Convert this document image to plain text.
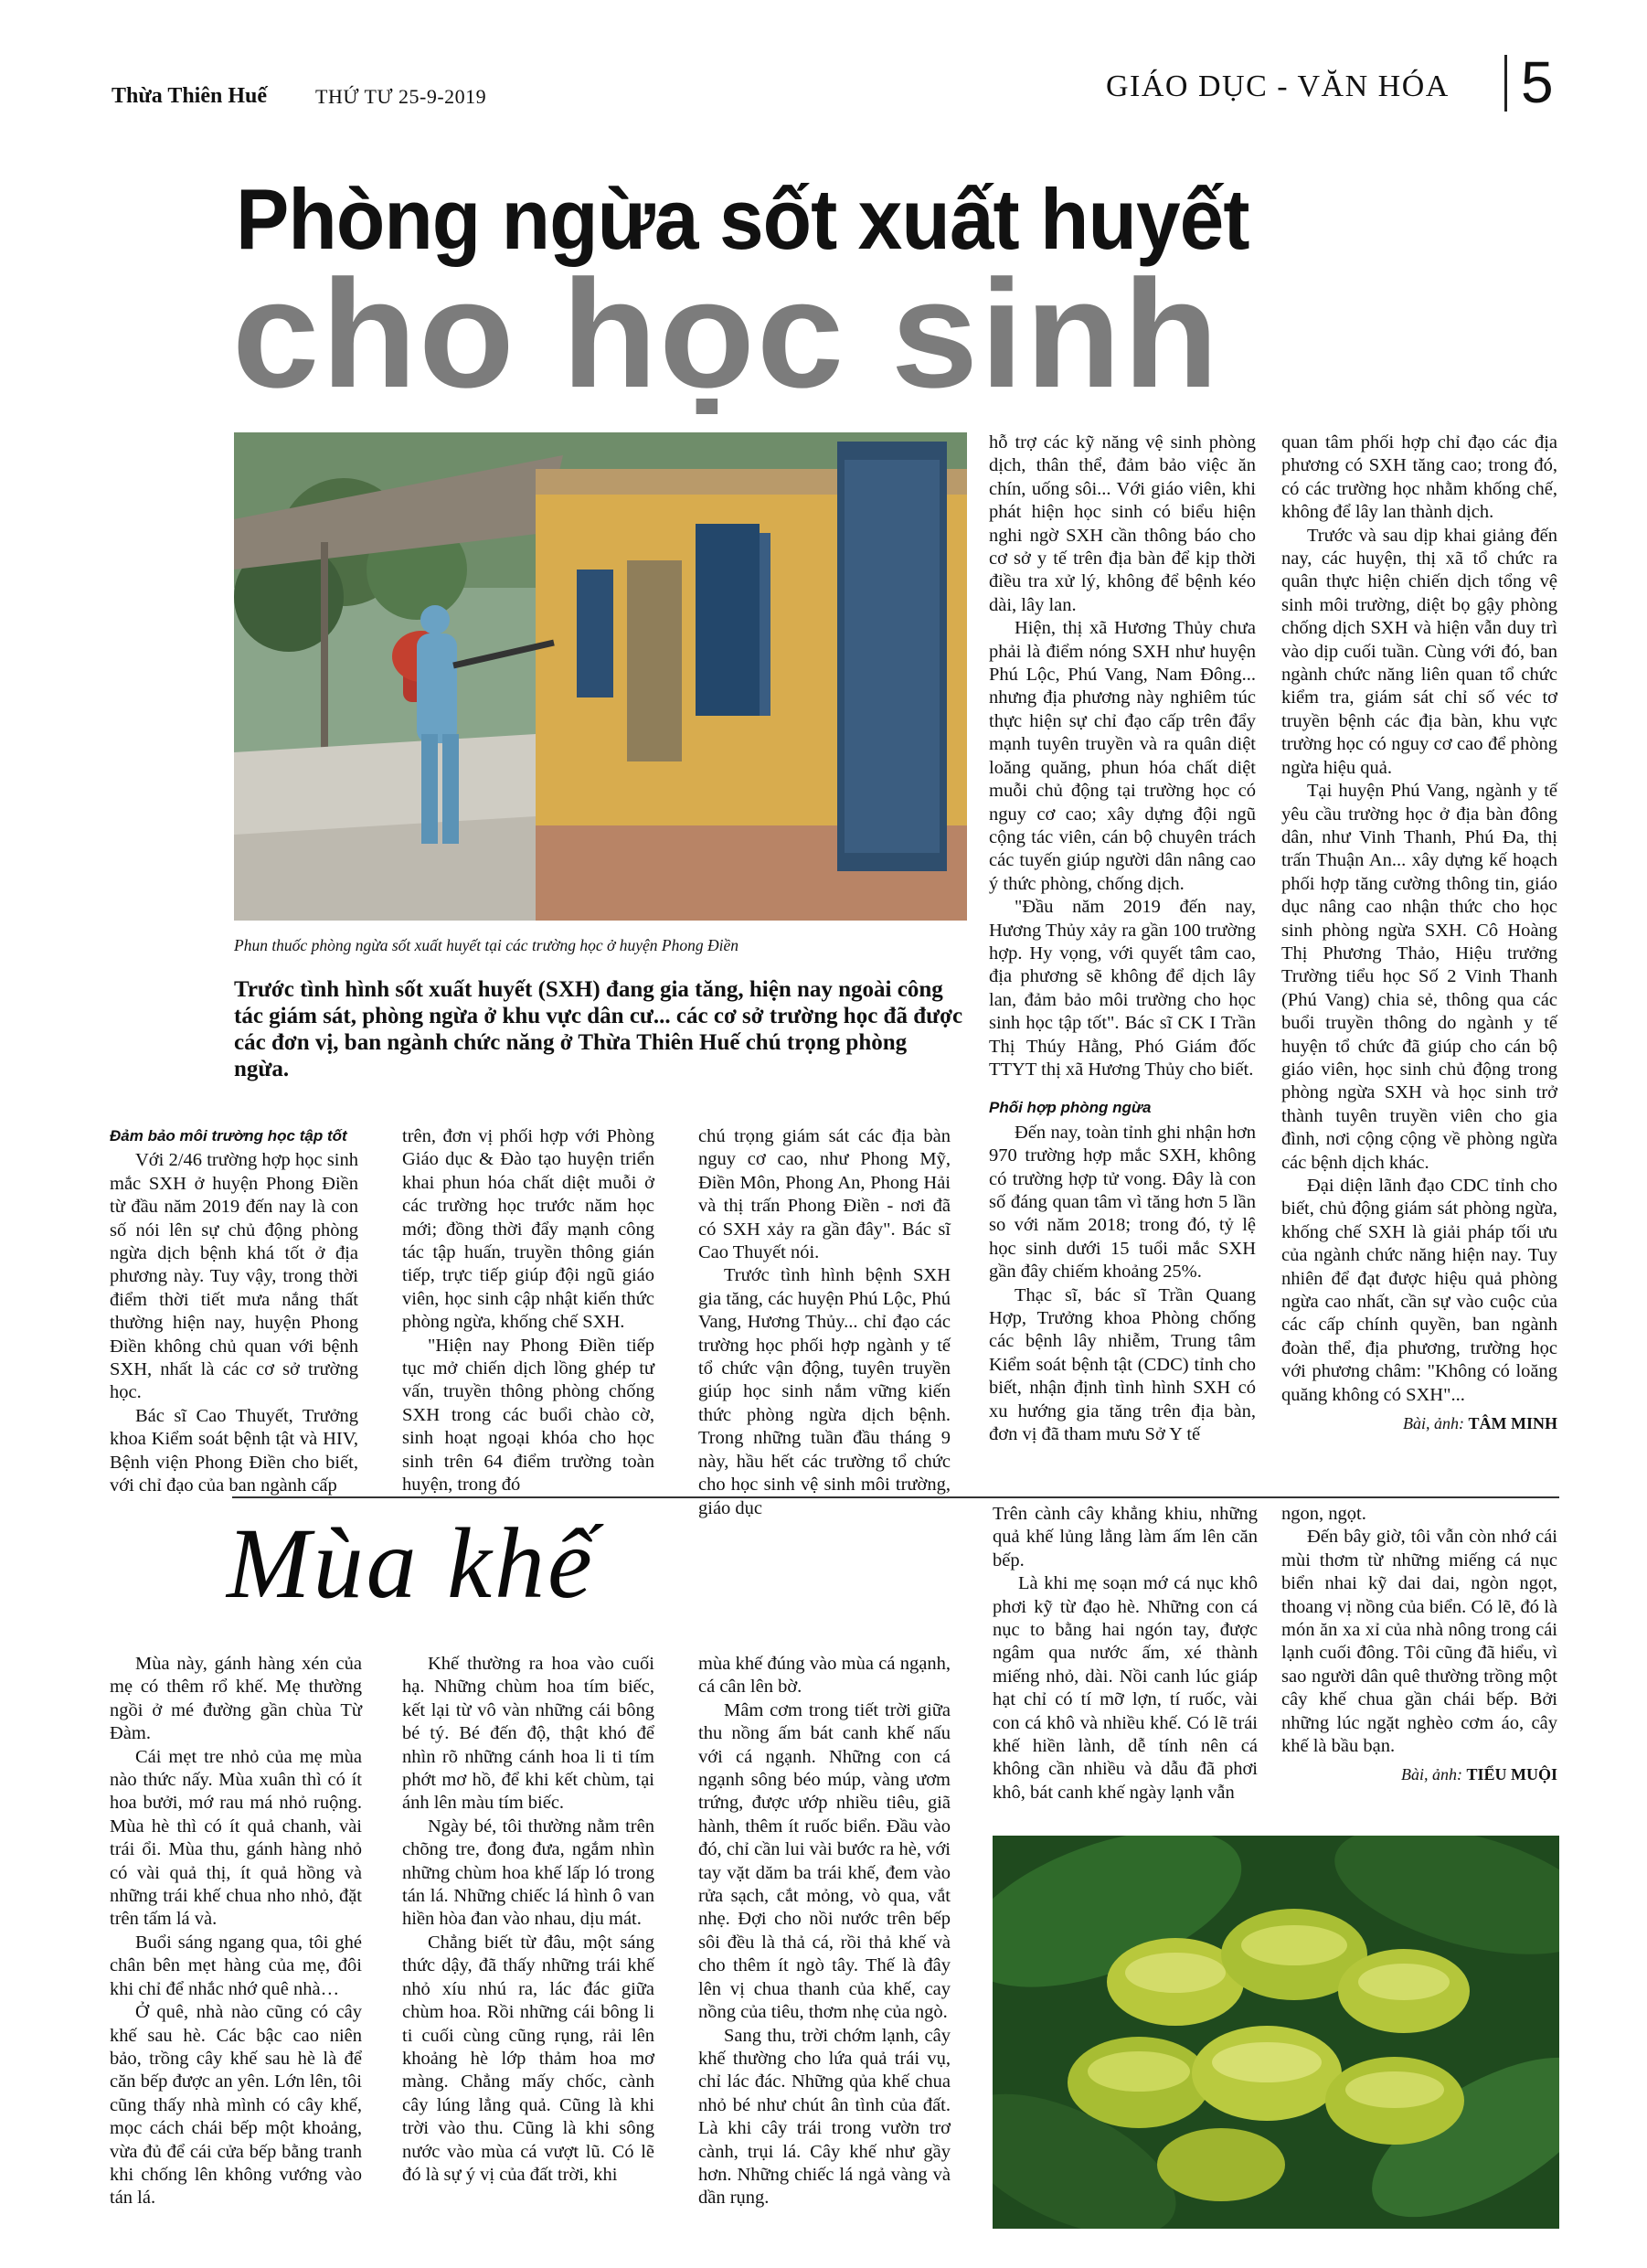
Thừa Thiên Huế THỨ TƯ 25-9-2019	GIÁO DỤC - VĂN HÓA 5
Phòng ngừa sốt xuất huyết
cho học sinh
Phun thuốc phòng ngừa sốt xuất huyết tại các trường học ở huyện Phong Điền
Trước tình hình sốt xuất huyết (SXH) đang gia tăng, hiện nay ngoài công tác giám sát, phòng ngừa ở khu vực dân cư... các cơ sở trường học đã được các đơn vị, ban ngành chức năng ở Thừa Thiên Huế chú trọng phòng ngừa.

Đảm bảo môi trường học tập tốt

Với 2/46 trường hợp học sinh mắc SXH ở huyện Phong Điền từ đầu năm 2019 đến nay là con số nói lên sự chủ động phòng ngừa dịch bệnh khá tốt ở địa phương này. Tuy vậy, trong thời điểm thời tiết mưa nắng thất thường hiện nay, huyện Phong Điền không chủ quan với bệnh SXH, nhất là các cơ sở trường học.

Bác sĩ Cao Thuyết, Trưởng khoa Kiểm soát bệnh tật và HIV, Bệnh viện Phong Điền cho biết, với chỉ đạo của ban ngành cấp

trên, đơn vị phối hợp với Phòng Giáo dục & Đào tạo huyện triển khai phun hóa chất diệt muỗi ở các trường học trước năm học mới; đồng thời đẩy mạnh công tác tập huấn, truyền thông gián tiếp, trực tiếp giúp đội ngũ giáo viên, học sinh cập nhật kiến thức phòng ngừa, khống chế SXH.

"Hiện nay Phong Điền tiếp tục mở chiến dịch lồng ghép tư vấn, truyền thông phòng chống SXH trong các buổi chào cờ, sinh hoạt ngoại khóa cho học sinh trên 64 điểm trường toàn huyện, trong đó

chú trọng giám sát các địa bàn nguy cơ cao, như Phong Mỹ, Điền Môn, Phong An, Phong Hải và thị trấn Phong Điền - nơi đã có SXH xảy ra gần đây". Bác sĩ Cao Thuyết nói.

Trước tình hình bệnh SXH gia tăng, các huyện Phú Lộc, Phú Vang, Hương Thủy... chỉ đạo các trường học phối hợp ngành y tế tổ chức vận động, tuyên truyền giúp học sinh nắm vững kiến thức phòng ngừa dịch bệnh. Trong những tuần đầu tháng 9 này, hầu hết các trường tổ chức cho học sinh vệ sinh môi trường, giáo dục

hỗ trợ các kỹ năng vệ sinh phòng dịch, thân thể, đảm bảo việc ăn chín, uống sôi... Với giáo viên, khi phát hiện học sinh có biểu hiện nghi ngờ SXH cần thông báo cho cơ sở y tế trên địa bàn để kịp thời điều tra xử lý, không để bệnh kéo dài, lây lan.

Hiện, thị xã Hương Thủy chưa phải là điểm nóng SXH như huyện Phú Lộc, Phú Vang, Nam Đông... nhưng địa phương này nghiêm túc thực hiện sự chỉ đạo cấp trên đẩy mạnh tuyên truyền và ra quân diệt loăng quăng, phun hóa chất diệt muỗi chủ động tại trường học có nguy cơ cao; xây dựng đội ngũ cộng tác viên, cán bộ chuyên trách các tuyến giúp người dân nâng cao ý thức phòng, chống dịch.

"Đầu năm 2019 đến nay, Hương Thủy xảy ra gần 100 trường hợp. Hy vọng, với quyết tâm cao, địa phương sẽ không để dịch lây lan, đảm bảo môi trường cho học sinh học tập tốt". Bác sĩ CK I Trần Thị Thúy Hằng, Phó Giám đốc TTYT thị xã Hương Thủy cho biết.

Phối hợp phòng ngừa

Đến nay, toàn tỉnh ghi nhận hơn 970 trường hợp mắc SXH, không có trường hợp tử vong. Đây là con số đáng quan tâm vì tăng hơn 5 lần so với năm 2018; trong đó, tỷ lệ học sinh dưới 15 tuổi mắc SXH gần đây chiếm khoảng 25%.

Thạc sĩ, bác sĩ Trần Quang Hợp, Trưởng khoa Phòng chống các bệnh lây nhiễm, Trung tâm Kiểm soát bệnh tật (CDC) tỉnh cho biết, nhận định tình hình SXH có xu hướng gia tăng trên địa bàn, đơn vị đã tham mưu Sở Y tế

quan tâm phối hợp chỉ đạo các địa phương có SXH tăng cao; trong đó, có các trường học nhằm khống chế, không để lây lan thành dịch.

Trước và sau dịp khai giảng đến nay, các huyện, thị xã tổ chức ra quân thực hiện chiến dịch tổng vệ sinh môi trường, diệt bọ gậy phòng chống dịch SXH và hiện vẫn duy trì vào dịp cuối tuần. Cùng với đó, ban ngành chức năng liên quan tổ chức kiểm tra, giám sát chỉ số véc tơ truyền bệnh các địa bàn, khu vực trường học có nguy cơ cao để phòng ngừa hiệu quả.

Tại huyện Phú Vang, ngành y tế yêu cầu trường học ở địa bàn đông dân, như Vinh Thanh, Phú Đa, thị trấn Thuận An... xây dựng kế hoạch phối hợp tăng cường thông tin, giáo dục nâng cao nhận thức cho học sinh phòng ngừa SXH. Cô Hoàng Thị Phương Thảo, Hiệu trưởng Trường tiểu học Số 2 Vinh Thanh (Phú Vang) chia sẻ, thông qua các buổi truyền thông do ngành y tế huyện tổ chức đã giúp cho cán bộ giáo viên, học sinh chủ động trong phòng ngừa SXH và học sinh trở thành tuyên truyền viên cho gia đình, nơi cộng cộng về phòng ngừa các bệnh dịch khác.

Đại diện lãnh đạo CDC tỉnh cho biết, chủ động giám sát phòng ngừa, khống chế SXH là giải pháp tối ưu của ngành chức năng hiện nay. Tuy nhiên để đạt được hiệu quả phòng ngừa cao nhất, cần sự vào cuộc của các cấp chính quyền, ban ngành đoàn thể, địa phương, trường học với phương châm: "Không có loăng quăng không có SXH"...

Bài, ảnh: TÂM MINH

Mùa khế

Mùa này, gánh hàng xén của mẹ có thêm rổ khế. Mẹ thường ngồi ở mé đường gần chùa Từ Đàm.

Cái mẹt tre nhỏ của mẹ mùa nào thức nấy. Mùa xuân thì có ít hoa bưởi, mớ rau má nhỏ ruộng. Mùa hè thì có ít quả chanh, vài trái ổi. Mùa thu, gánh hàng nhỏ có vài quả thị, ít quả hồng và những trái khế chua nho nhỏ, đặt trên tấm lá và.

Buổi sáng ngang qua, tôi ghé chân bên mẹt hàng của mẹ, đôi khi chỉ để nhắc nhớ quê nhà…

Ở quê, nhà nào cũng có cây khế sau hè. Các bậc cao niên bảo, trồng cây khế sau hè là để căn bếp được an yên. Lớn lên, tôi cũng thấy nhà mình có cây khế, mọc cách chái bếp một khoảng, vừa đủ để cái cửa bếp bằng tranh khi chống lên không vướng vào tán lá.

Khế thường ra hoa vào cuối hạ. Những chùm hoa tím biếc, kết lại từ vô vàn những cái bông bé tý. Bé đến độ, thật khó để nhìn rõ những cánh hoa li ti tím phớt mơ hồ, để khi kết chùm, tại ánh lên màu tím biếc.

Ngày bé, tôi thường nằm trên chõng tre, đong đưa, ngắm nhìn những chùm hoa khế lấp ló trong tán lá. Những chiếc lá hình ô van hiền hòa đan vào nhau, dịu mát.

Chẳng biết từ đâu, một sáng thức dậy, đã thấy những trái khế nhỏ xíu nhú ra, lác đác giữa chùm hoa. Rồi những cái bông li ti cuối cùng cũng rụng, rải lên khoảng hè lớp thảm hoa mơ màng. Chẳng mấy chốc, cành cây lúng lẳng quả. Cũng là khi trời vào thu. Cũng là khi sông nước vào mùa cá vượt lũ. Có lẽ đó là sự ý vị của đất trời, khi

mùa khế đúng vào mùa cá ngạnh, cá cân lên bờ.

Mâm cơm trong tiết trời giữa thu nồng ấm bát canh khế nấu với cá ngạnh. Những con cá ngạnh sông béo múp, vàng ươm trứng, được ướp nhiều tiêu, giã hành, thêm ít ruốc biển. Đầu vào đó, chỉ cần lui vài bước ra hè, với tay vặt dăm ba trái khế, đem vào rửa sạch, cắt mỏng, vò qua, vắt nhẹ. Đợi cho nồi nước trên bếp sôi đều là thả cá, rồi thả khế và cho thêm ít ngò tây. Thế là đây lên vị chua thanh của khế, cay nồng của tiêu, thơm nhẹ của ngò.

Sang thu, trời chớm lạnh, cây khế thường cho lứa quả trái vụ, chỉ lác đác. Những qủa khế chua nhỏ bé như chút ân tình của đất. Là khi cây trái trong vườn trơ cành, trụi lá. Cây khế như gầy hơn. Những chiếc lá ngả vàng và dần rụng.

Trên cành cây khẳng khiu, những quả khế lủng lẳng làm ấm lên căn bếp.

Là khi mẹ soạn mớ cá nục khô phơi kỹ từ đạo hè. Những con cá nục to bằng hai ngón tay, được ngâm qua nước ấm, xé thành miếng nhỏ, dài. Nồi canh lúc giáp hạt chỉ có tí mỡ lợn, tí ruốc, vài con cá khô và nhiều khế. Có lẽ trái khế hiền lành, dễ tính nên cá không cần nhiều và dẫu đã phơi khô, bát canh khế ngày lạnh vẫn

ngon, ngọt.

Đến bây giờ, tôi vẫn còn nhớ cái mùi thơm từ những miếng cá nục biển nhai kỹ dai dai, ngòn ngọt, thoang vị nồng của biển. Có lẽ, đó là món ăn xa xỉ của nhà nông trong cái lạnh cuối đông. Tôi cũng đã hiểu, vì sao người dân quê thường trồng một cây khế chua gần chái bếp. Bởi những lúc ngặt nghèo cơm áo, cây khế là bầu bạn.

Bài, ảnh: TIỂU MUỘI
